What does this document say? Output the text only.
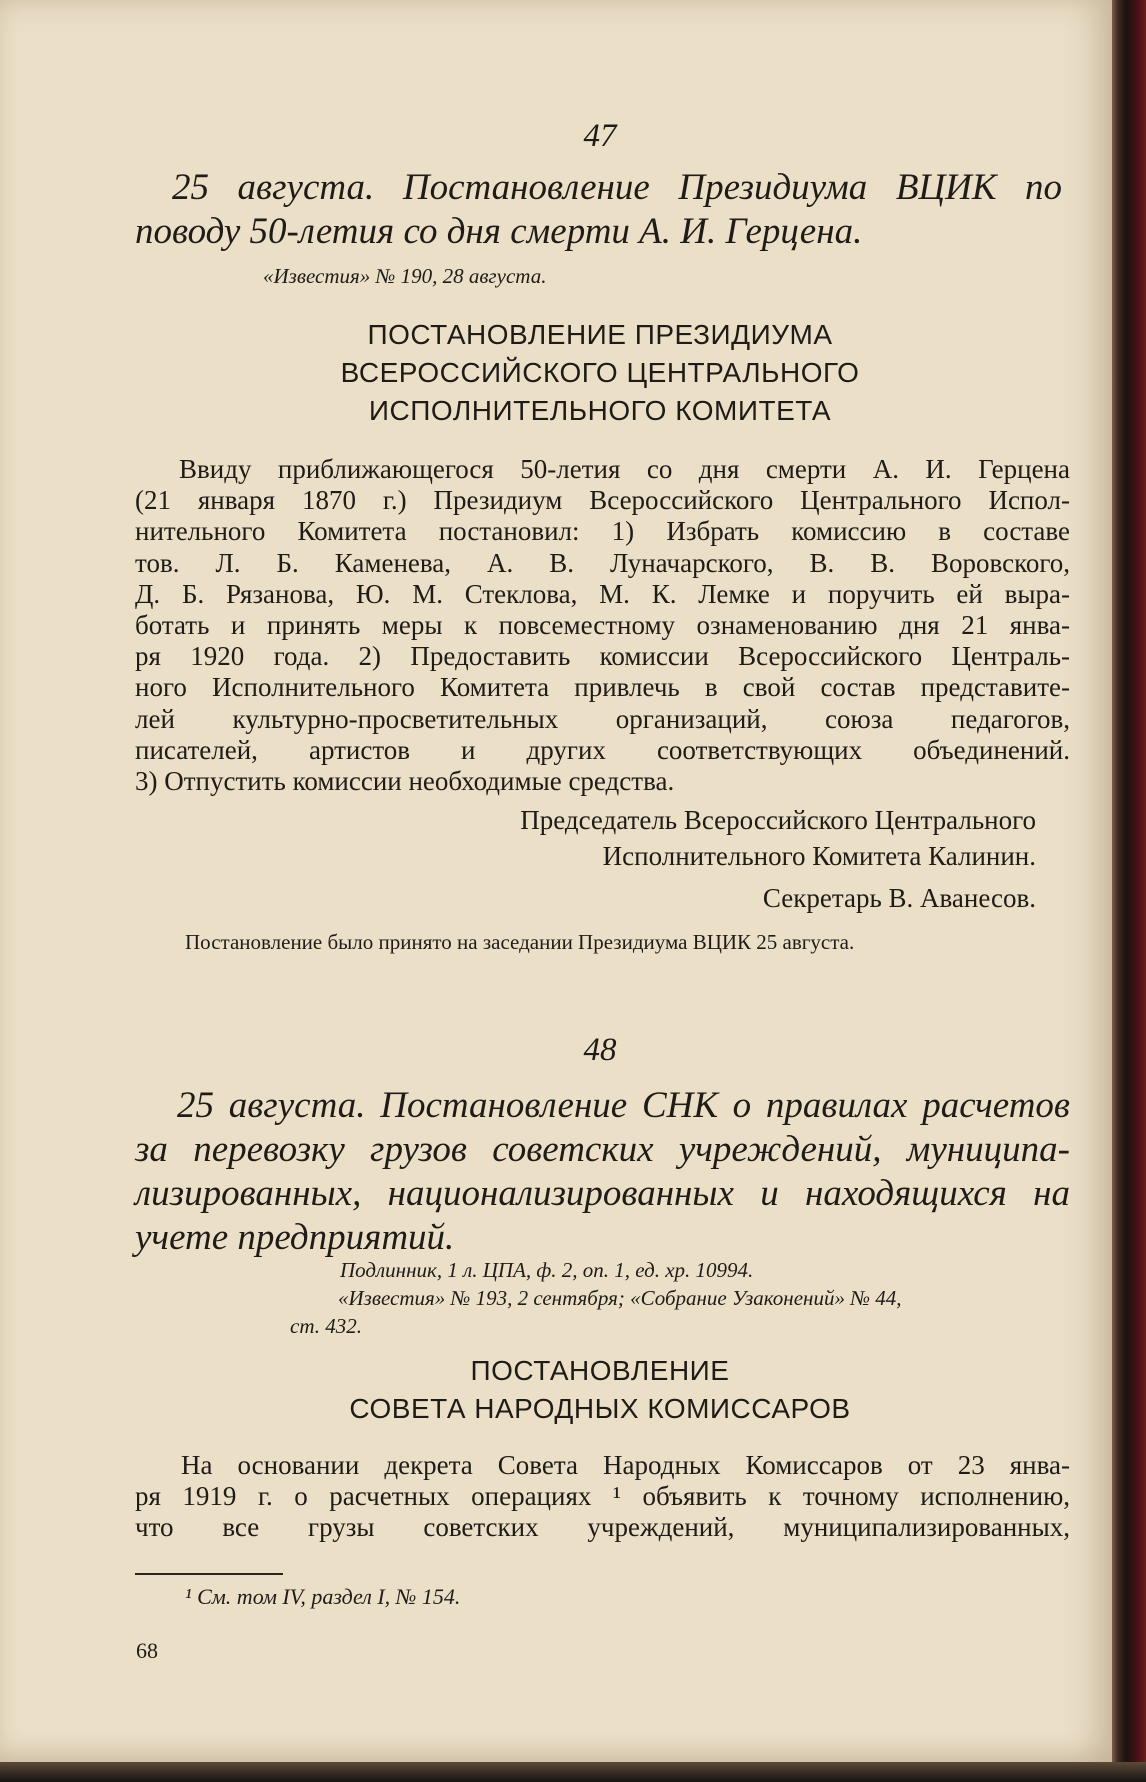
47
25 августа. Постановление Президиума ВЦИК по
поводу 50-летия со дня смерти А. И. Герцена.
«Известия» № 190, 28 августа.
ПОСТАНОВЛЕНИЕ ПРЕЗИДИУМА
ВСЕРОССИЙСКОГО ЦЕНТРАЛЬНОГО
ИСПОЛНИТЕЛЬНОГО КОМИТЕТА
Ввиду приближающегося 50-летия со дня смерти А. И. Герцена
(21 января 1870 г.) Президиум Всероссийского Центрального Испол-
нительного Комитета постановил: 1) Избрать комиссию в составе
тов. Л. Б. Каменева, А. В. Луначарского, В. В. Воровского,
Д. Б. Рязанова, Ю. М. Стеклова, М. К. Лемке и поручить ей выра-
ботать и принять меры к повсеместному ознаменованию дня 21 янва-
ря 1920 года. 2) Предоставить комиссии Всероссийского Централь-
ного Исполнительного Комитета привлечь в свой состав представите-
лей культурно-просветительных организаций, союза педагогов,
писателей, артистов и других соответствующих объединений.
3) Отпустить комиссии необходимые средства.
Председатель Всероссийского Центрального
Исполнительного Комитета Калинин.
Секретарь В. Аванесов.
Постановление было принято на заседании Президиума ВЦИК 25 августа.
48
25 августа. Постановление СНК о правилах расчетов
за перевозку грузов советских учреждений, муниципа-
лизированных, национализированных и находящихся на
учете предприятий.
Подлинник, 1 л. ЦПА, ф. 2, оп. 1, ед. хр. 10994.
«Известия» № 193, 2 сентября; «Собрание Узаконений» № 44,
ст. 432.
ПОСТАНОВЛЕНИЕ
СОВЕТА НАРОДНЫХ КОМИССАРОВ
На основании декрета Совета Народных Комиссаров от 23 янва-
ря 1919 г. о расчетных операциях ¹ объявить к точному исполнению,
что все грузы советских учреждений, муниципализированных,
¹ См. том IV, раздел I, № 154.
68
